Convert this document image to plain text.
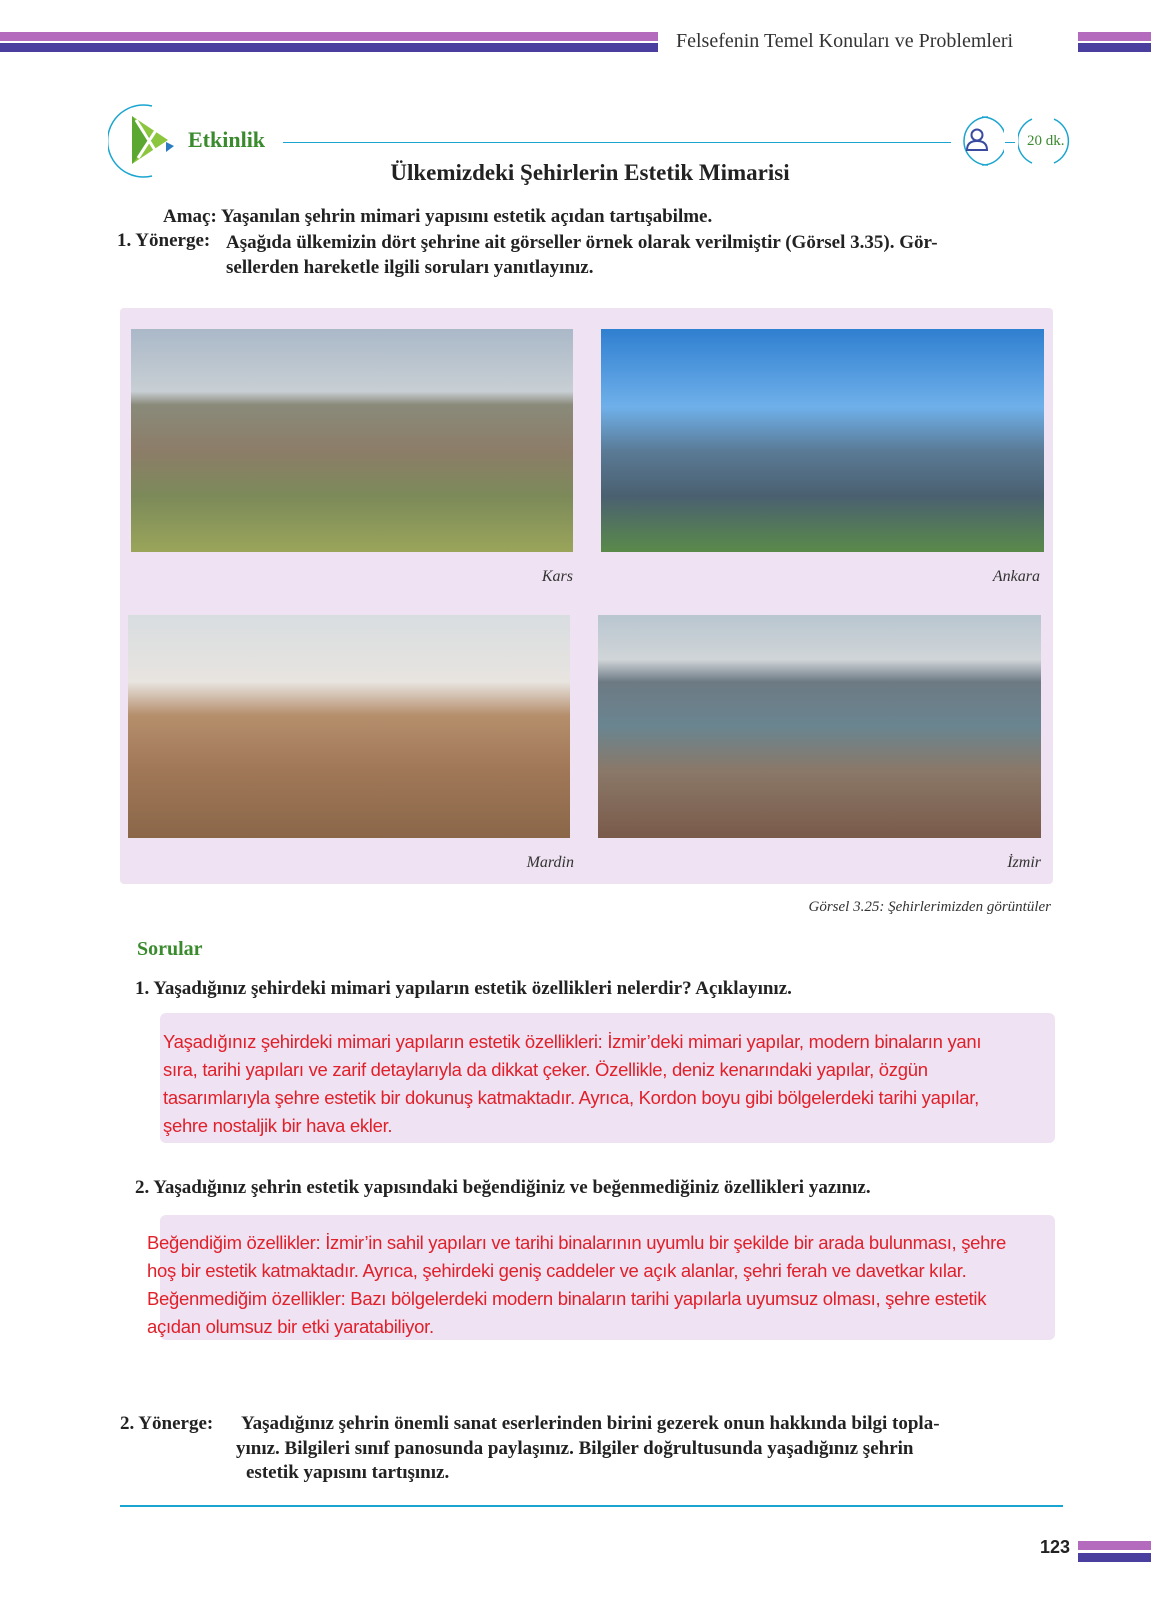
Felsefenin Temel Konuları ve Problemleri
Etkinlik	20 dk.
Ülkemizdeki Şehirlerin Estetik Mimarisi
Amaç: Yaşanılan şehrin mimari yapısını estetik açıdan tartışabilme.
1. Yönerge: Aşağıda ülkemizin dört şehrine ait görseller örnek olarak verilmiştir (Görsel 3.35). Gör-
sellerden hareketle ilgili soruları yanıtlayınız.
Kars	Ankara
Mardin	İzmir
Görsel 3.25: Şehirlerimizden görüntüler
Sorular
1. Yaşadığınız şehirdeki mimari yapıların estetik özellikleri nelerdir? Açıklayınız.
Yaşadığınız şehirdeki mimari yapıların estetik özellikleri: İzmir’deki mimari yapılar, modern binaların yanı
sıra, tarihi yapıları ve zarif detaylarıyla da dikkat çeker. Özellikle, deniz kenarındaki yapılar, özgün
tasarımlarıyla şehre estetik bir dokunuş katmaktadır. Ayrıca, Kordon boyu gibi bölgelerdeki tarihi yapılar,
şehre nostaljik bir hava ekler.
2. Yaşadığınız şehrin estetik yapısındaki beğendiğiniz ve beğenmediğiniz özellikleri yazınız.
Beğendiğim özellikler: İzmir’in sahil yapıları ve tarihi binalarının uyumlu bir şekilde bir arada bulunması, şehre
hoş bir estetik katmaktadır. Ayrıca, şehirdeki geniş caddeler ve açık alanlar, şehri ferah ve davetkar kılar.
Beğenmediğim özellikler: Bazı bölgelerdeki modern binaların tarihi yapılarla uyumsuz olması, şehre estetik
açıdan olumsuz bir etki yaratabiliyor.
2. Yönerge: Yaşadığınız şehrin önemli sanat eserlerinden birini gezerek onun hakkında bilgi topla-
yınız. Bilgileri sınıf panosunda paylaşınız. Bilgiler doğrultusunda yaşadığınız şehrin
estetik yapısını tartışınız.
123
